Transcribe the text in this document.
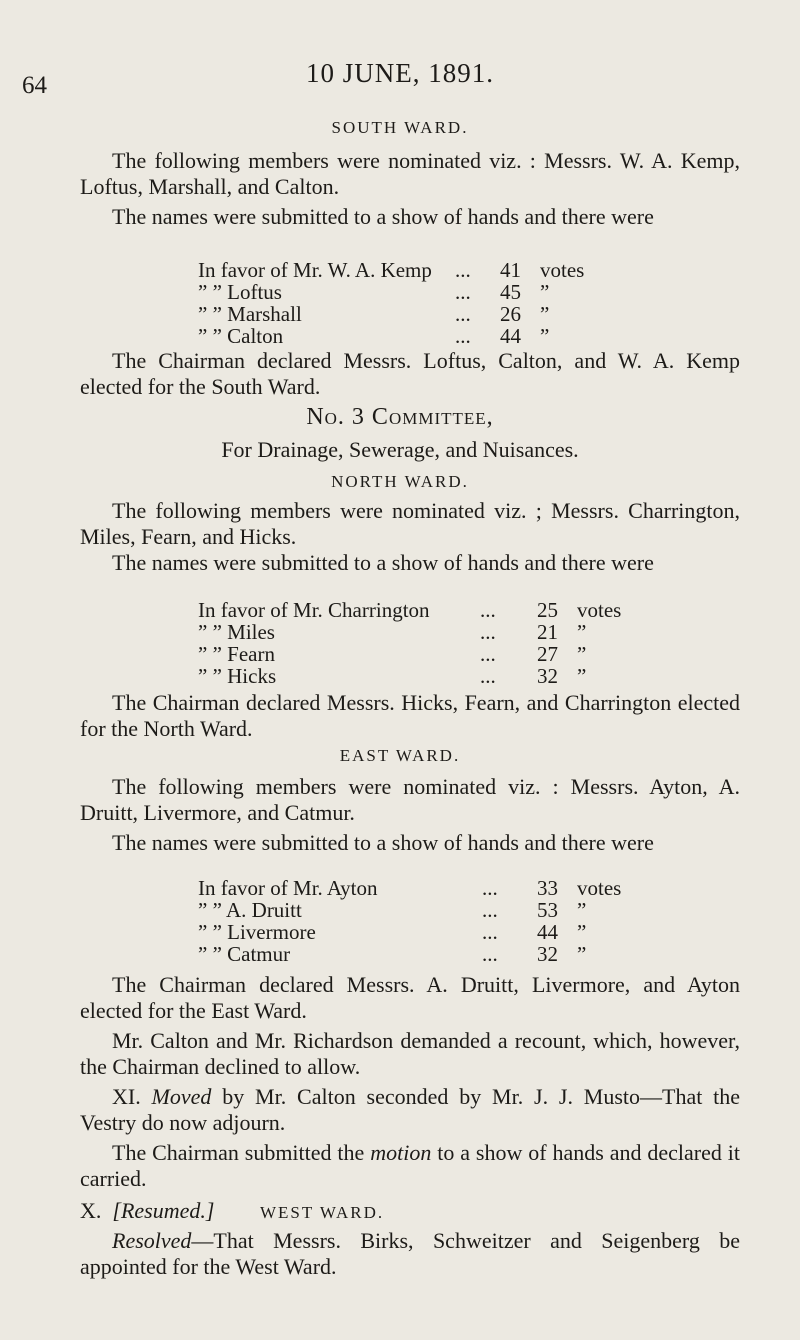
64	10 JUNE, 1891.
SOUTH WARD.
The following members were nominated viz. : Messrs. W. A. Kemp, Loftus, Marshall, and Calton.
The names were submitted to a show of hands and there were
In favor of Mr. W. A. Kemp ... 41 votes
” ” Loftus	... 45 ”
” ” Marshall	... 26 ”
” ” Calton	... 44 ”
The Chairman declared Messrs. Loftus, Calton, and W. A. Kemp elected for the South Ward.
No. 3 Committee,
For Drainage, Sewerage, and Nuisances.
NORTH WARD.
The following members were nominated viz. ; Messrs. Charrington, Miles, Fearn, and Hicks.
The names were submitted to a show of hands and there were
In favor of Mr. Charrington ... 25 votes
” ” Miles	... 21 ”
” ” Fearn	... 27 ”
” ” Hicks	... 32 ”
The Chairman declared Messrs. Hicks, Fearn, and Charrington elected for the North Ward.
EAST WARD.
The following members were nominated viz. : Messrs. Ayton, A. Druitt, Livermore, and Catmur.
The names were submitted to a show of hands and there were
In favor of Mr. Ayton	... 33 votes
” ” A. Druitt	... 53 ”
” ” Livermore	... 44 ”
” ” Catmur	... 32 ”
The Chairman declared Messrs. A. Druitt, Livermore, and Ayton elected for the East Ward.
Mr. Calton and Mr. Richardson demanded a recount, which, however, the Chairman declined to allow.
XI. Moved by Mr. Calton seconded by Mr. J. J. Musto—That the Vestry do now adjourn.
The Chairman submitted the motion to a show of hands and declared it carried.
X. [Resumed.]	WEST WARD.
Resolved—That Messrs. Birks, Schweitzer and Seigenberg be appointed for the West Ward.
